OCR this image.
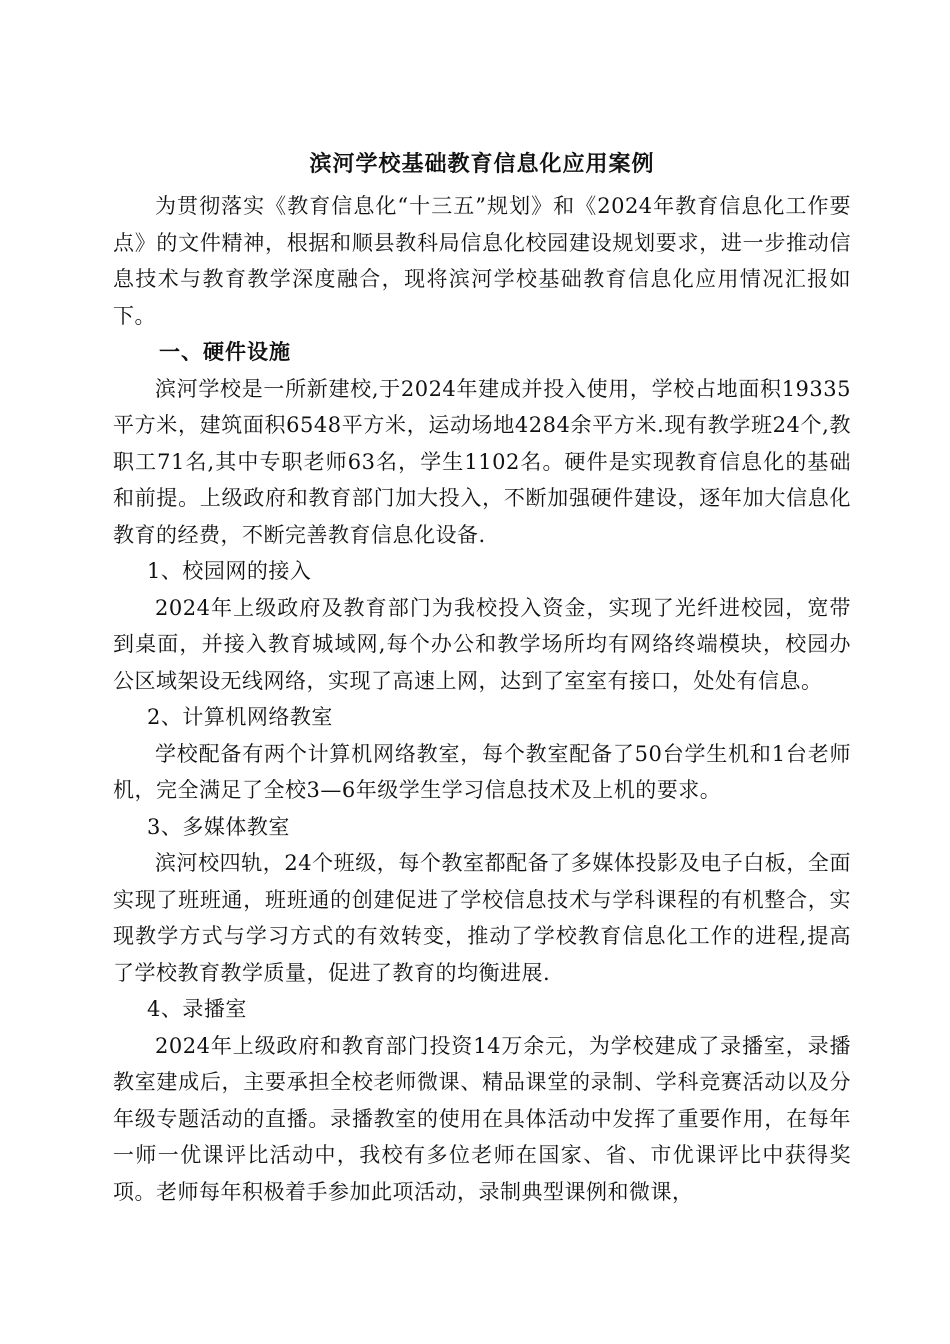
滨河学校基础教育信息化应用案例

为贯彻落实《教育信息化“十三五”规划》和《2024年教育信息化工作要点》的文件精神，根据和顺县教科局信息化校园建设规划要求，进一步推动信息技术与教育教学深度融合，现将滨河学校基础教育信息化应用情况汇报如下。

一、硬件设施

滨河学校是一所新建校,于2024年建成并投入使用，学校占地面积19335平方米，建筑面积6548平方米，运动场地4284余平方米.现有教学班24个,教职工71名,其中专职老师63名，学生1102名。硬件是实现教育信息化的基础和前提。上级政府和教育部门加大投入，不断加强硬件建设，逐年加大信息化教育的经费，不断完善教育信息化设备.

1、校园网的接入

2024年上级政府及教育部门为我校投入资金，实现了光纤进校园，宽带到桌面，并接入教育城域网,每个办公和教学场所均有网络终端模块，校园办公区域架设无线网络，实现了高速上网，达到了室室有接口，处处有信息。

2、计算机网络教室

学校配备有两个计算机网络教室，每个教室配备了50台学生机和1台老师机，完全满足了全校3—6年级学生学习信息技术及上机的要求。

3、多媒体教室

滨河校四轨，24个班级，每个教室都配备了多媒体投影及电子白板，全面实现了班班通，班班通的创建促进了学校信息技术与学科课程的有机整合，实现教学方式与学习方式的有效转变，推动了学校教育信息化工作的进程,提高了学校教育教学质量，促进了教育的均衡进展.

4、录播室

2024年上级政府和教育部门投资14万余元，为学校建成了录播室，录播教室建成后，主要承担全校老师微课、精品课堂的录制、学科竞赛活动以及分年级专题活动的直播。录播教室的使用在具体活动中发挥了重要作用，在每年一师一优课评比活动中，我校有多位老师在国家、省、市优课评比中获得奖项。老师每年积极着手参加此项活动，录制典型课例和微课，
